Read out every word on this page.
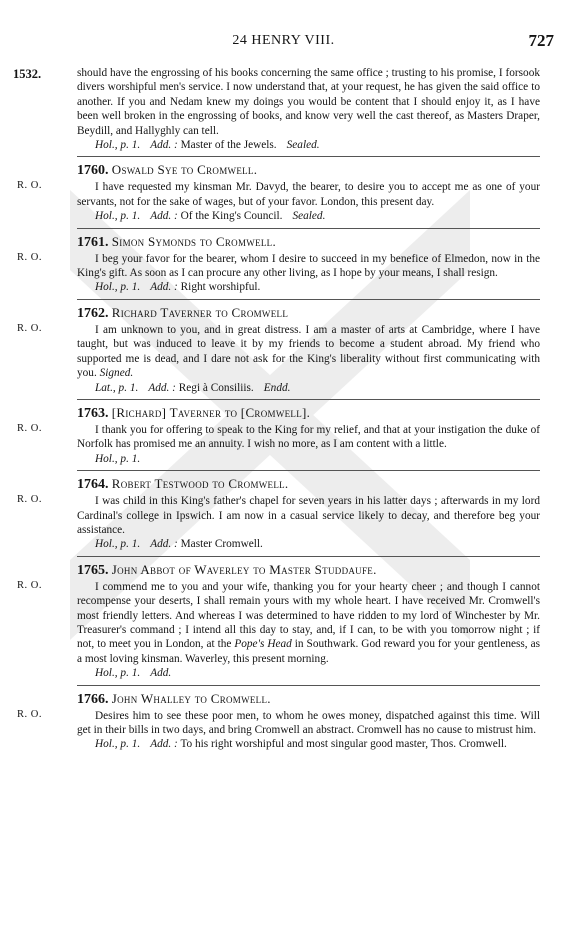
24 HENRY VIII.	727
1532.	should have the engrossing of his books concerning the same office ; trusting to his promise, I forsook divers worshipful men's service. I now understand that, at your request, he has given the said office to another. If you and Nedam knew my doings you would be content that I should enjoy it, as I have been well broken in the engrossing of books, and know very well the cast thereof, as Masters Draper, Beydill, and Hallyghly can tell.

Hol., p. 1. Add. : Master of the Jewels. Sealed.
R. O.
1760. Oswald Sye to Cromwell.

I have requested my kinsman Mr. Davyd, the bearer, to desire you to accept me as one of your servants, not for the sake of wages, but of your favor. London, this present day.

Hol., p. 1. Add. : Of the King's Council. Sealed.
R. O.
1761. Simon Symonds to Cromwell.

I beg your favor for the bearer, whom I desire to succeed in my benefice of Elmedon, now in the King's gift. As soon as I can procure any other living, as I hope by your means, I shall resign.

Hol., p. 1. Add. : Right worshipful.
R. O.
1762. Richard Taverner to Cromwell

I am unknown to you, and in great distress. I am a master of arts at Cambridge, where I have taught, but was induced to leave it by my friends to become a student abroad. My friend who supported me is dead, and I dare not ask for the King's liberality without first communicating with you. Signed.

Lat., p. 1. Add. : Regi à Consiliis. Endd.
R. O.
1763. [Richard] Taverner to [Cromwell].

I thank you for offering to speak to the King for my relief, and that at your instigation the duke of Norfolk has promised me an annuity. I wish no more, as I am content with a little.

Hol., p. 1.
R. O.
1764. Robert Testwood to Cromwell.

I was child in this King's father's chapel for seven years in his latter days ; afterwards in my lord Cardinal's college in Ipswich. I am now in a casual service likely to decay, and therefore beg your assistance.

Hol., p. 1. Add. : Master Cromwell.
R. O.
1765. John Abbot of Waverley to Master Studdaufe.

I commend me to you and your wife, thanking you for your hearty cheer ; and though I cannot recompense your deserts, I shall remain yours with my whole heart. I have received Mr. Cromwell's most friendly letters. And whereas I was determined to have ridden to my lord of Winchester by Mr. Treasurer's command ; I intend all this day to stay, and, if I can, to be with you tomorrow night ; if not, to meet you in London, at the Pope's Head in Southwark. God reward you for your gentleness, as a most loving kinsman. Waverley, this present morning.

Hol., p. 1. Add.
R. O.
1766. John Whalley to Cromwell.

Desires him to see these poor men, to whom he owes money, dispatched against this time. Will get in their bills in two days, and bring Cromwell an abstract. Cromwell has no cause to mistrust him.

Hol., p. 1. Add. : To his right worshipful and most singular good master, Thos. Cromwell.
